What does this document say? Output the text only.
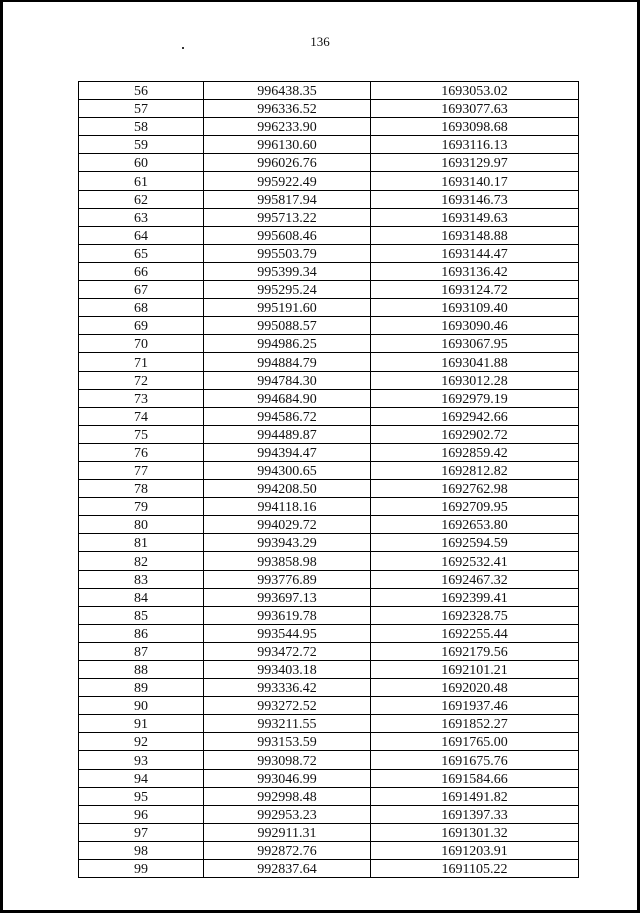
136
56	996438.35	1693053.02
57	996336.52	1693077.63
58	996233.90	1693098.68
59	996130.60	1693116.13
60	996026.76	1693129.97
61	995922.49	1693140.17
62	995817.94	1693146.73
63	995713.22	1693149.63
64	995608.46	1693148.88
65	995503.79	1693144.47
66	995399.34	1693136.42
67	995295.24	1693124.72
68	995191.60	1693109.40
69	995088.57	1693090.46
70	994986.25	1693067.95
71	994884.79	1693041.88
72	994784.30	1693012.28
73	994684.90	1692979.19
74	994586.72	1692942.66
75	994489.87	1692902.72
76	994394.47	1692859.42
77	994300.65	1692812.82
78	994208.50	1692762.98
79	994118.16	1692709.95
80	994029.72	1692653.80
81	993943.29	1692594.59
82	993858.98	1692532.41
83	993776.89	1692467.32
84	993697.13	1692399.41
85	993619.78	1692328.75
86	993544.95	1692255.44
87	993472.72	1692179.56
88	993403.18	1692101.21
89	993336.42	1692020.48
90	993272.52	1691937.46
91	993211.55	1691852.27
92	993153.59	1691765.00
93	993098.72	1691675.76
94	993046.99	1691584.66
95	992998.48	1691491.82
96	992953.23	1691397.33
97	992911.31	1691301.32
98	992872.76	1691203.91
99	992837.64	1691105.22
